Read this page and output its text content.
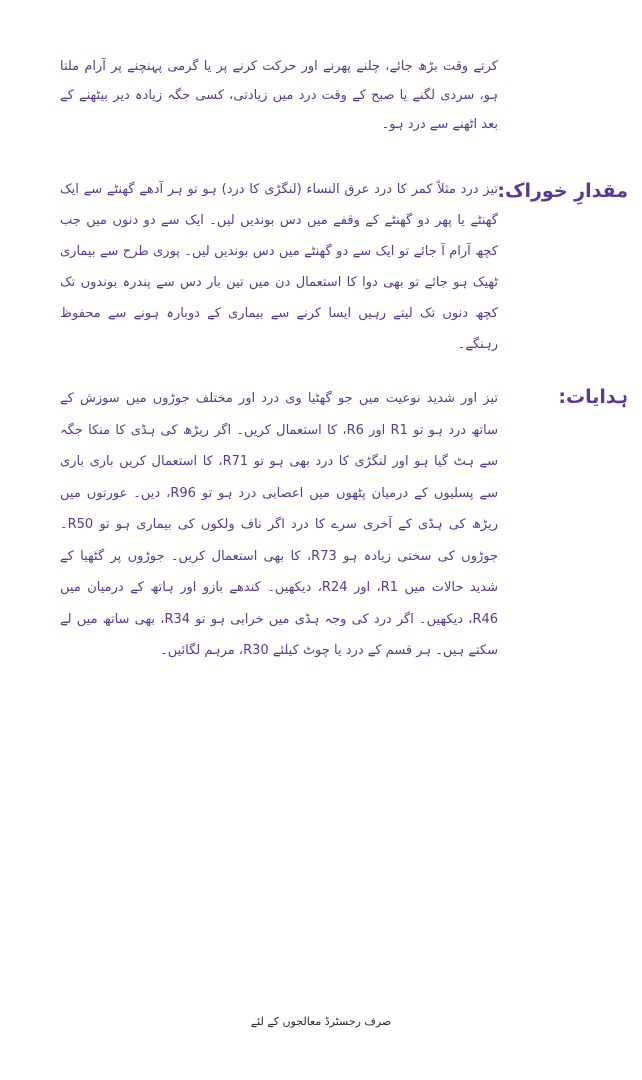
کرتے وقت بڑھ جائے، چلنے پھرنے اور حرکت کرنے پر یا گرمی پہنچنے پر آرام ملتا ہو، سردی لگنے یا صبح کے وقت درد میں زیادتی، کسی جگہ زیادہ دیر بیٹھنے کے بعد اٹھنے سے درد ہو۔
مقدارِ خوراک:
تیز درد مثلاً کمر کا درد عرق النساء (لنگڑی کا درد) ہو تو ہر آدھے گھنٹے سے ایک گھنٹے یا پھر دو گھنٹے کے وقفے میں دس بوندیں لیں۔ ایک سے دو دنوں میں جب کچھ آرام آ جائے تو ایک سے دو گھنٹے میں دس بوندیں لیں۔ پوری طرح سے بیماری ٹھیک ہو جائے تو بھی دوا کا استعمال دن میں تین بار دس سے پندرہ بوندوں تک کچھ دنوں تک لیتے رہیں ایسا کرنے سے بیماری کے دوبارہ ہونے سے محفوظ رہنگے۔
ہدایات:
تیز اور شدید نوعیت میں جو گھٹیا وی درد اور مختلف جوڑوں میں سوزش کے ساتھ درد ہو تو R1 اور R6، کا استعمال کریں۔ اگر ریڑھ کی ہڈی کا منکا جگہ سے ہٹ گیا ہو اور لنگڑی کا درد بھی ہو تو R71، کا استعمال کریں باری باری سے پسلیوں کے درمیان پٹھوں میں اعصابی درد ہو تو R96، دیں۔ عورتوں میں ریڑھ کی ہڈی کے آخری سرے کا درد اگر ناف ولکوں کی بیماری ہو تو R50۔ جوڑوں کی سختی زیادہ ہو R73، کا بھی استعمال کریں۔ جوڑوں پر گٹھیا کے شدید حالات میں R1، اور R24، دیکھیں۔ کندھے بازو اور ہاتھ کے درمیان میں R46، دیکھیں۔ اگر درد کی وجہ ہڈی میں خرابی ہو تو R34، بھی ساتھ میں لے سکتے ہیں۔ ہر قسم کے درد یا چوٹ کیلئے R30، مرہم لگائیں۔
صرف رجسٹرڈ معالجوں کے لئے
